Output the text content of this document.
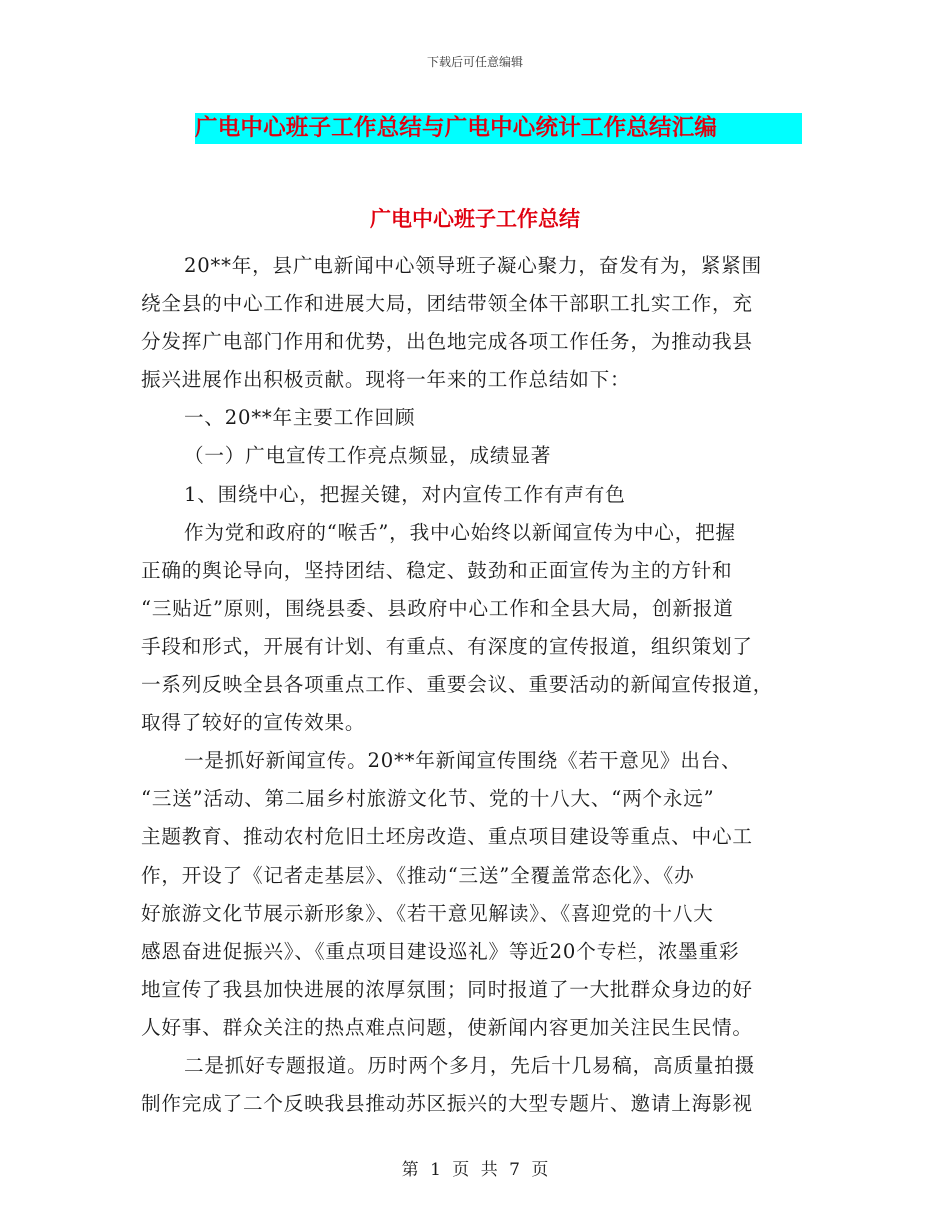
下载后可任意编辑
广电中心班子工作总结与广电中心统计工作总结汇编
广电中心班子工作总结
20**年，县广电新闻中心领导班子凝心聚力，奋发有为，紧紧围
绕全县的中心工作和进展大局，团结带领全体干部职工扎实工作，充
分发挥广电部门作用和优势，出色地完成各项工作任务，为推动我县
振兴进展作出积极贡献。现将一年来的工作总结如下：
一、20**年主要工作回顾
（一）广电宣传工作亮点频显，成绩显著
1、围绕中心，把握关键，对内宣传工作有声有色
作为党和政府的“喉舌”，我中心始终以新闻宣传为中心，把握
正确的舆论导向，坚持团结、稳定、鼓劲和正面宣传为主的方针和
“三贴近”原则，围绕县委、县政府中心工作和全县大局，创新报道
手段和形式，开展有计划、有重点、有深度的宣传报道，组织策划了
一系列反映全县各项重点工作、重要会议、重要活动的新闻宣传报道，
取得了较好的宣传效果。
一是抓好新闻宣传。20**年新闻宣传围绕《若干意见》出台、
“三送”活动、第二届乡村旅游文化节、党的十八大、“两个永远”
主题教育、推动农村危旧土坯房改造、重点项目建设等重点、中心工
作，开设了《记者走基层》、《推动“三送”全覆盖常态化》、《办
好旅游文化节展示新形象》、《若干意见解读》、《喜迎党的十八大
感恩奋进促振兴》、《重点项目建设巡礼》等近20个专栏，浓墨重彩
地宣传了我县加快进展的浓厚氛围；同时报道了一大批群众身边的好
人好事、群众关注的热点难点问题，使新闻内容更加关注民生民情。
二是抓好专题报道。历时两个多月，先后十几易稿，高质量拍摄
制作完成了二个反映我县推动苏区振兴的大型专题片、邀请上海影视
第 1 页 共 7 页
